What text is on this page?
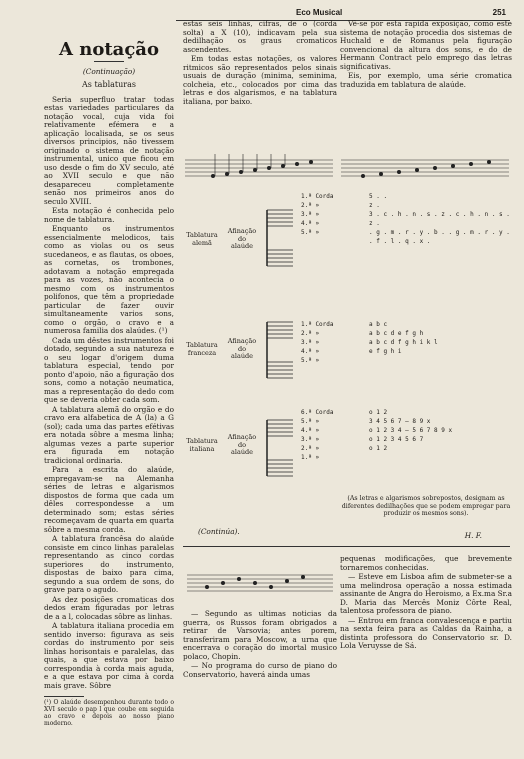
Eco Musical	251
A notação
(Continuação)
As tablaturas

Seria superfluo tratar todas estas variedades particulares da notação vocal, cuja vida foi relativamente efémera e a aplicação localisada, se os seus diversos principios, não tivessem originado o sistema de notação instrumental, unico que ficou em uso desde o fim do XV seculo, até ao XVII seculo e que não desapareceu completamente senão nos primeiros anos do seculo XVIII.

Esta notação é conhecida pelo nome de tablatura.

Enquanto os instrumentos essencialmente melodicos, tais como as violas ou os seus sucedaneos, e as flautas, os oboes, as cornetas, os trombones, adotavam a notação empregada para as vozes, não acontecia o mesmo com os instrumentos polifonos, que têm a propriedade particular de fazer ouvir simultaneamente varios sons, como o orgão, o cravo e a numerosa familia dos alaúdes. (¹)

Cada um dêstes instrumentos foi dotado, segundo a sua natureza e o seu logar d'origem duma tablatura especial, tendo por ponto d'apoio, não a figuração dos sons, como a notação neumatica, mas a representação do dedo com que se deveria obter cada som.

A tablatura alemã do orgão e do cravo era alfabetica de A (la) a G (sol); cada uma das partes efétivas era notada sôbre a mesma linha; algumas vezes a parte superior era figurada em notação tradicional ordinaria.

Para a escrita do alaúde, empregavam-se na Alemanha séries de letras e algarismos dispostos de forma que cada um dêles correspondesse a um determinado som; estas séries recomeçavam de quarta em quarta sôbre a mesma corda.

A tablatura francêsa do alaúde consiste em cinco linhas paralelas representando as cinco cordas superiores do instrumento, dispostas de baixo para cima, segundo a sua ordem de sons, do grave para o agudo.

As dez posições cromaticas dos dedos eram figuradas por letras de a a l, colocadas sôbre as linhas.

A tablatura italiana procedia em sentido inverso: figurava as seis cordas do instrumento por seis linhas horisontais e paralelas, das quais, a que estava por baixo correspondia à corda mais aguda, e a que estava por cima à corda mais grave. Sôbre

(¹) O alaúde desempenhou durante todo o XVI seculo o pap l que coube em seguida ao cravo e depois ao nosso piano moderno.

estas seis linhas, cifras, de o (corda solta) a X (10), indicavam pela sua dedilhação os graus cromaticos ascendentes.

Em todas estas notações, os valores ritmicos são representados pelos sinais usuais de duração (minima, seminima, colcheia, etc., colocados por cima das letras e dos algarismos, e na tablatura italiana, por baixo.

Vê-se por esta rapida exposição, como este sistema de notação procedia dos sistemas de Huchald e de Romanus pela figuração convencional da altura dos sons, e do de Hermann Contract pelo emprego das letras significativas.

Eis, por exemplo, uma série cromatica traduzida em tablatura de alaúde.

Tablatura alemã
Afinação do alaúde
1.ª Corda
2.ª »
3.ª »
4.ª »
5.ª »
5 . .
z .
3 . c . h . n . s . z . c . h . n . s . z .
. g . m . r . y . b . . g . m . r . y .
. f . l . q . x .
Tablatura franceza
Afinação do alaúde
1.ª Corda
2.ª »
3.ª »
4.ª »
5.ª »
a b c
a b c d e f g h
a b c d f g h i k l
e f g h i
Tablatura italiana
Afinação do alaúde
6.ª Corda
5.ª »
4.ª »
3.ª »
2.ª »
1.ª »
o 1 2
3 4 5 6 7 — 8 9 x
o 1 2 3 4 — 5 6 7 8 9 x
o 1 2 3 4 5 6 7
o 1 2
(As letras e algarismos sobrepostos, designam as diferentes dedilhações que se podem empregar para produzir os mesmos sons).
(Continúa).	H. F.

— Segundo as ultimas noticias da guerra, os Russos foram obrigados a retirar de Varsovia; antes porem, transferiram para Moscow, a urna que encerrava o coração do imortal musico polaco, Chopin.

— No programa do curso de piano do Conservatorio, haverá ainda umas

pequenas modificações, que brevemente tornaremos conhecidas.

— Esteve em Lisboa afim de submeter-se a uma melindrosa operação a nossa estimada assinante de Angra do Heroismo, a Ex.ma Sr.a D. Maria das Mercês Moniz Côrte Real, talentosa professora de piano.

— Entrou em franca convalescença e partiu na sexta feira para as Caldas da Rainha, a distinta professora do Conservatorio sr. D. Lola Veruysse de Sá.
